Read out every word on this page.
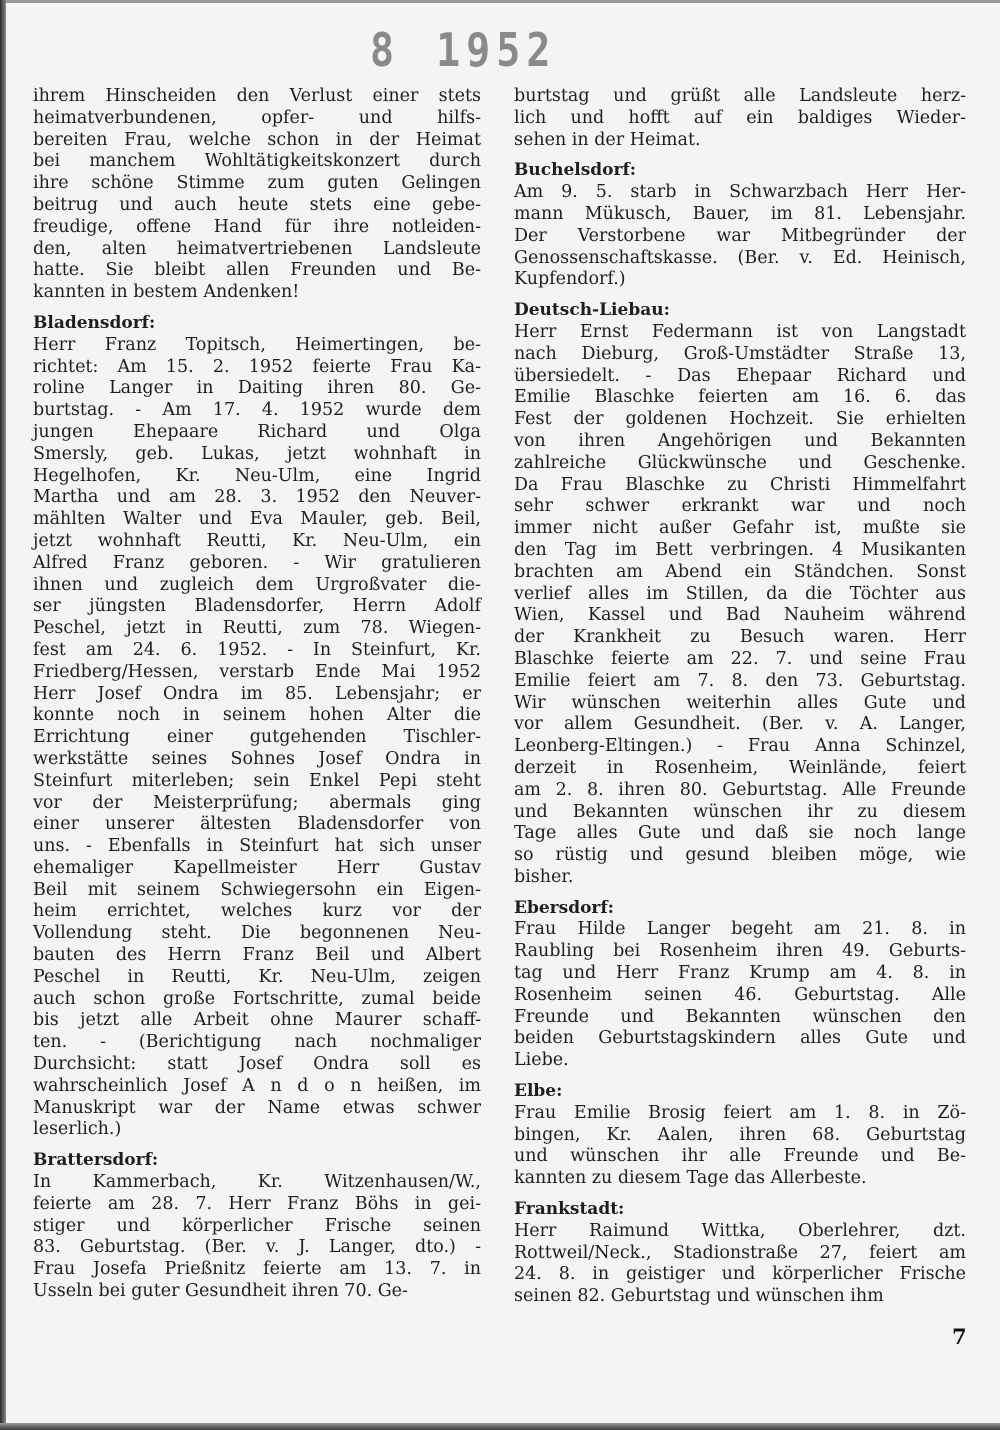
8 1952
ihrem Hinscheiden den Verlust einer stets
heimatverbundenen, opfer- und hilfs-
bereiten Frau, welche schon in der Heimat
bei manchem Wohltätigkeitskonzert durch
ihre schöne Stimme zum guten Gelingen
beitrug und auch heute stets eine gebe-
freudige, offene Hand für ihre notleiden-
den, alten heimatvertriebenen Landsleute
hatte. Sie bleibt allen Freunden und Be-
kannten in bestem Andenken!
Bladensdorf:
Herr Franz Topitsch, Heimertingen, be-
richtet: Am 15. 2. 1952 feierte Frau Ka-
roline Langer in Daiting ihren 80. Ge-
burtstag. - Am 17. 4. 1952 wurde dem
jungen Ehepaare Richard und Olga
Smersly, geb. Lukas, jetzt wohnhaft in
Hegelhofen, Kr. Neu-Ulm, eine Ingrid
Martha und am 28. 3. 1952 den Neuver-
mählten Walter und Eva Mauler, geb. Beil,
jetzt wohnhaft Reutti, Kr. Neu-Ulm, ein
Alfred Franz geboren. - Wir gratulieren
ihnen und zugleich dem Urgroßvater die-
ser jüngsten Bladensdorfer, Herrn Adolf
Peschel, jetzt in Reutti, zum 78. Wiegen-
fest am 24. 6. 1952. - In Steinfurt, Kr.
Friedberg/Hessen, verstarb Ende Mai 1952
Herr Josef Ondra im 85. Lebensjahr; er
konnte noch in seinem hohen Alter die
Errichtung einer gutgehenden Tischler-
werkstätte seines Sohnes Josef Ondra in
Steinfurt miterleben; sein Enkel Pepi steht
vor der Meisterprüfung; abermals ging
einer unserer ältesten Bladensdorfer von
uns. - Ebenfalls in Steinfurt hat sich unser
ehemaliger Kapellmeister Herr Gustav
Beil mit seinem Schwiegersohn ein Eigen-
heim errichtet, welches kurz vor der
Vollendung steht. Die begonnenen Neu-
bauten des Herrn Franz Beil und Albert
Peschel in Reutti, Kr. Neu-Ulm, zeigen
auch schon große Fortschritte, zumal beide
bis jetzt alle Arbeit ohne Maurer schaff-
ten. - (Berichtigung nach nochmaliger
Durchsicht: statt Josef Ondra soll es
wahrscheinlich Josef A n d o n heißen, im
Manuskript war der Name etwas schwer
leserlich.)
Brattersdorf:
In Kammerbach, Kr. Witzenhausen/W.,
feierte am 28. 7. Herr Franz Böhs in gei-
stiger und körperlicher Frische seinen
83. Geburtstag. (Ber. v. J. Langer, dto.) -
Frau Josefa Prießnitz feierte am 13. 7. in
Usseln bei guter Gesundheit ihren 70. Ge-
burtstag und grüßt alle Landsleute herz-
lich und hofft auf ein baldiges Wieder-
sehen in der Heimat.
Buchelsdorf:
Am 9. 5. starb in Schwarzbach Herr Her-
mann Mükusch, Bauer, im 81. Lebensjahr.
Der Verstorbene war Mitbegründer der
Genossenschaftskasse. (Ber. v. Ed. Heinisch,
Kupfendorf.)
Deutsch-Liebau:
Herr Ernst Federmann ist von Langstadt
nach Dieburg, Groß-Umstädter Straße 13,
übersiedelt. - Das Ehepaar Richard und
Emilie Blaschke feierten am 16. 6. das
Fest der goldenen Hochzeit. Sie erhielten
von ihren Angehörigen und Bekannten
zahlreiche Glückwünsche und Geschenke.
Da Frau Blaschke zu Christi Himmelfahrt
sehr schwer erkrankt war und noch
immer nicht außer Gefahr ist, mußte sie
den Tag im Bett verbringen. 4 Musikanten
brachten am Abend ein Ständchen. Sonst
verlief alles im Stillen, da die Töchter aus
Wien, Kassel und Bad Nauheim während
der Krankheit zu Besuch waren. Herr
Blaschke feierte am 22. 7. und seine Frau
Emilie feiert am 7. 8. den 73. Geburtstag.
Wir wünschen weiterhin alles Gute und
vor allem Gesundheit. (Ber. v. A. Langer,
Leonberg-Eltingen.) - Frau Anna Schinzel,
derzeit in Rosenheim, Weinlände, feiert
am 2. 8. ihren 80. Geburtstag. Alle Freunde
und Bekannten wünschen ihr zu diesem
Tage alles Gute und daß sie noch lange
so rüstig und gesund bleiben möge, wie
bisher.
Ebersdorf:
Frau Hilde Langer begeht am 21. 8. in
Raubling bei Rosenheim ihren 49. Geburts-
tag und Herr Franz Krump am 4. 8. in
Rosenheim seinen 46. Geburtstag. Alle
Freunde und Bekannten wünschen den
beiden Geburtstagskindern alles Gute und
Liebe.
Elbe:
Frau Emilie Brosig feiert am 1. 8. in Zö-
bingen, Kr. Aalen, ihren 68. Geburtstag
und wünschen ihr alle Freunde und Be-
kannten zu diesem Tage das Allerbeste.
Frankstadt:
Herr Raimund Wittka, Oberlehrer, dzt.
Rottweil/Neck., Stadionstraße 27, feiert am
24. 8. in geistiger und körperlicher Frische
seinen 82. Geburtstag und wünschen ihm
7
